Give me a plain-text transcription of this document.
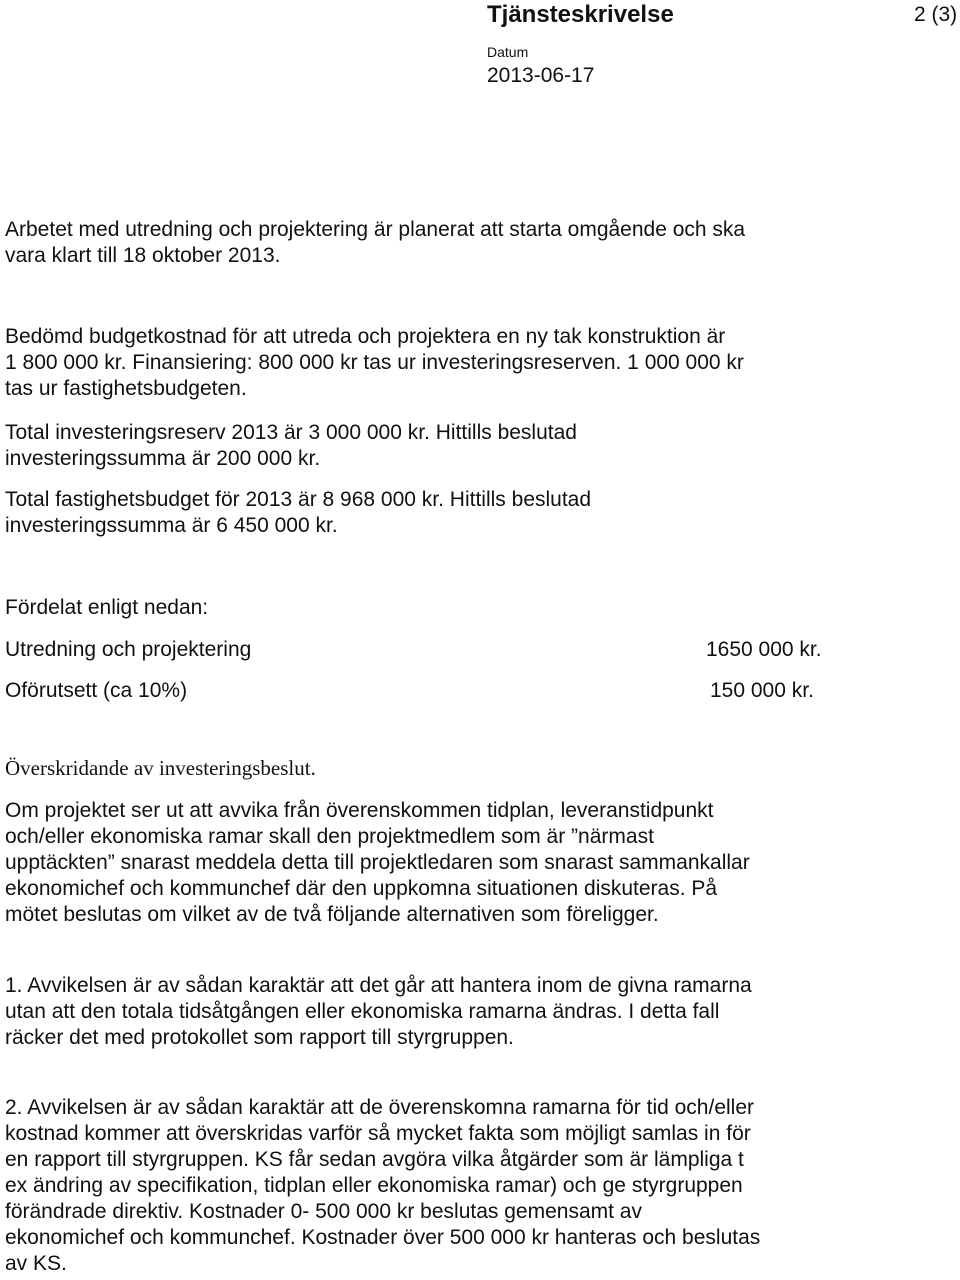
Tjänsteskrivelse	2 (3)
Datum
2013-06-17
Arbetet med utredning och projektering är planerat att starta omgående och ska
vara klart till 18 oktober 2013.
Bedömd budgetkostnad för att utreda och projektera en ny tak konstruktion är
1 800 000 kr. Finansiering: 800 000 kr tas ur investeringsreserven. 1 000 000 kr
tas ur fastighetsbudgeten.
Total investeringsreserv 2013 är 3 000 000 kr. Hittills beslutad
investeringssumma är 200 000 kr.
Total fastighetsbudget för 2013 är 8 968 000 kr. Hittills beslutad
investeringssumma är 6 450 000 kr.
Fördelat enligt nedan:
Utredning och projektering	1650 000 kr.
Oförutsett (ca 10%)	150 000 kr.
Överskridande av investeringsbeslut.
Om projektet ser ut att avvika från överenskommen tidplan, leveranstidpunkt
och/eller ekonomiska ramar skall den projektmedlem som är ”närmast
upptäckten” snarast meddela detta till projektledaren som snarast sammankallar
ekonomichef och kommunchef där den uppkomna situationen diskuteras. På
mötet beslutas om vilket av de två följande alternativen som föreligger.
1. Avvikelsen är av sådan karaktär att det går att hantera inom de givna ramarna
utan att den totala tidsåtgången eller ekonomiska ramarna ändras. I detta fall
räcker det med protokollet som rapport till styrgruppen.
2. Avvikelsen är av sådan karaktär att de överenskomna ramarna för tid och/eller
kostnad kommer att överskridas varför så mycket fakta som möjligt samlas in för
en rapport till styrgruppen. KS får sedan avgöra vilka åtgärder som är lämpliga t
ex ändring av specifikation, tidplan eller ekonomiska ramar) och ge styrgruppen
förändrade direktiv. Kostnader 0- 500 000 kr beslutas gemensamt av
ekonomichef och kommunchef. Kostnader över 500 000 kr hanteras och beslutas
av KS.
